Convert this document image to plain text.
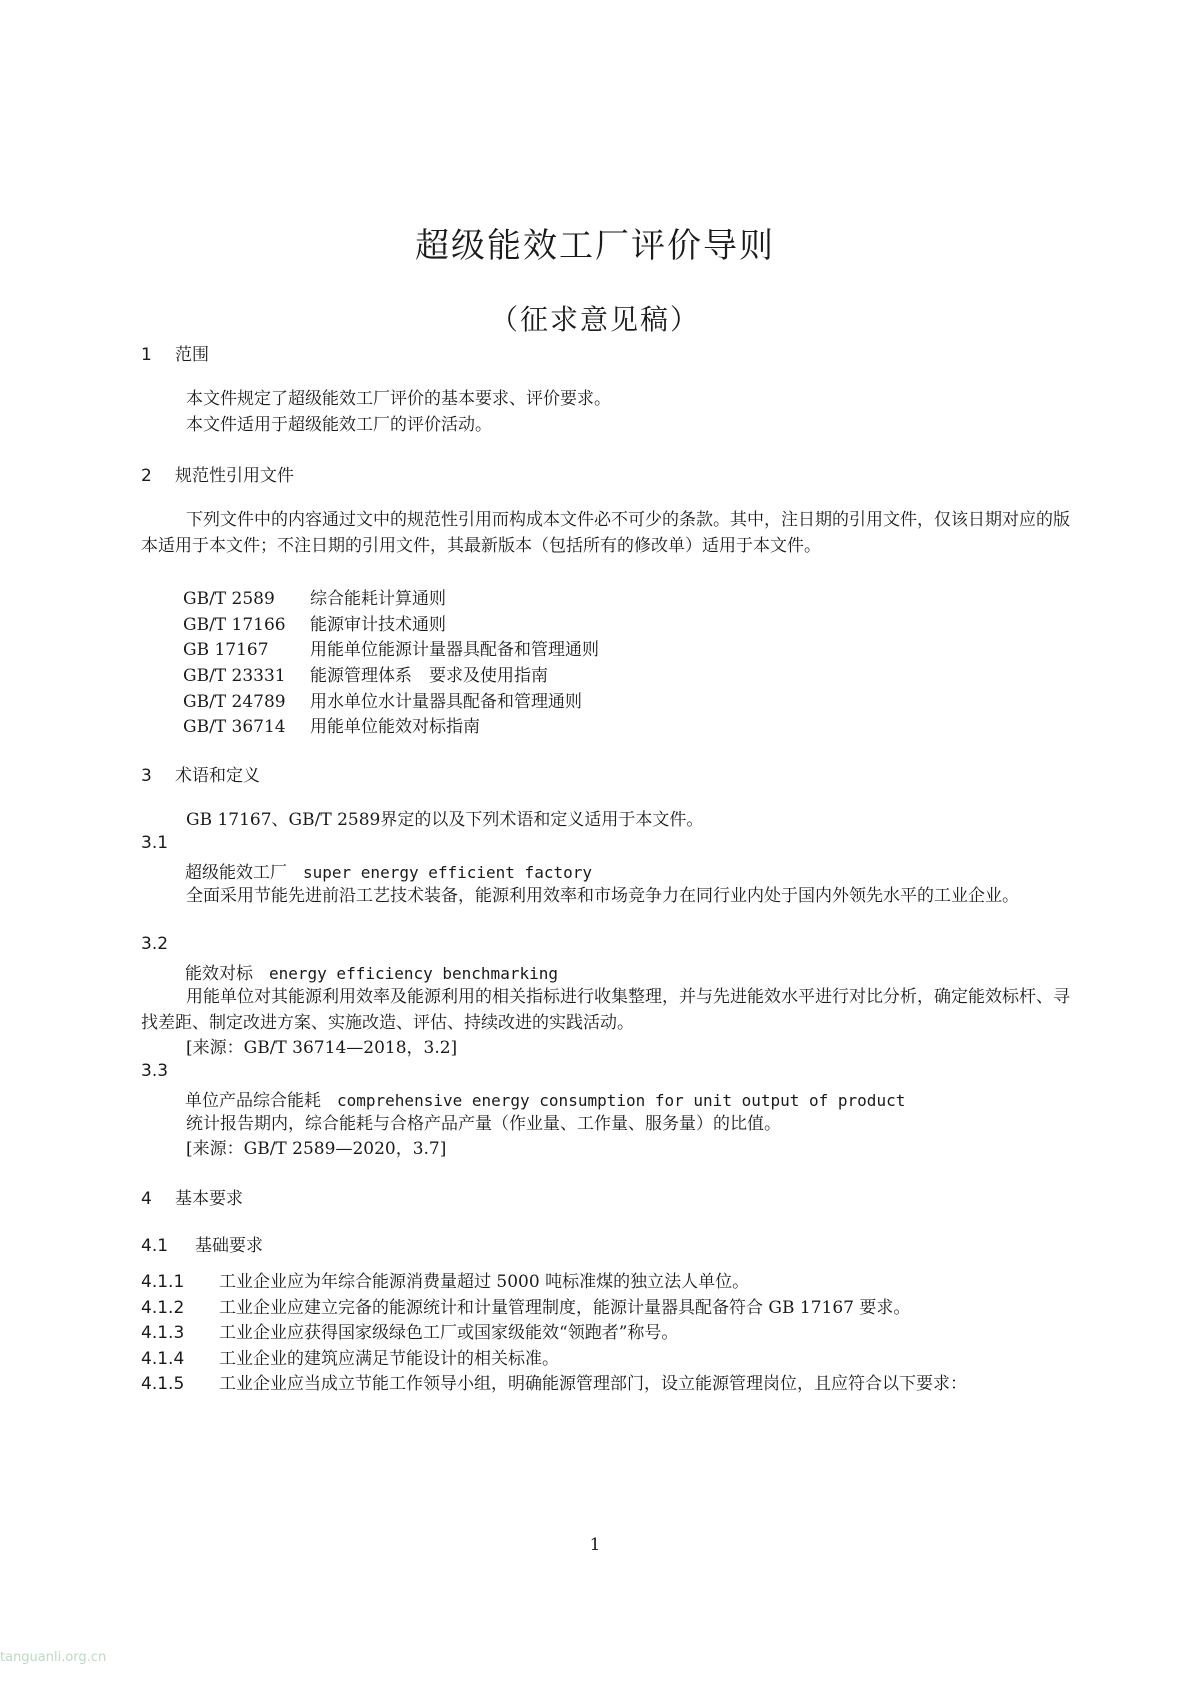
超级能效工厂评价导则
（征求意见稿）
1 范围
本文件规定了超级能效工厂评价的基本要求、评价要求。
本文件适用于超级能效工厂的评价活动。
2 规范性引用文件
下列文件中的内容通过文中的规范性引用而构成本文件必不可少的条款。其中，注日期的引用文件，仅该日期对应的版本适用于本文件；不注日期的引用文件，其最新版本（包括所有的修改单）适用于本文件。
GB/T 2589 综合能耗计算通则
GB/T 17166 能源审计技术通则
GB 17167 用能单位能源计量器具配备和管理通则
GB/T 23331 能源管理体系　要求及使用指南
GB/T 24789 用水单位水计量器具配备和管理通则
GB/T 36714 用能单位能效对标指南
3 术语和定义
GB 17167、GB/T 2589界定的以及下列术语和定义适用于本文件。
3.1
超级能效工厂 super energy efficient factory
全面采用节能先进前沿工艺技术装备，能源利用效率和市场竞争力在同行业内处于国内外领先水平的工业企业。
3.2
能效对标 energy efficiency benchmarking
用能单位对其能源利用效率及能源利用的相关指标进行收集整理，并与先进能效水平进行对比分析，确定能效标杆、寻找差距、制定改进方案、实施改造、评估、持续改进的实践活动。
[来源：GB/T 36714—2018，3.2]
3.3
单位产品综合能耗 comprehensive energy consumption for unit output of product
统计报告期内，综合能耗与合格产品产量（作业量、工作量、服务量）的比值。
[来源：GB/T 2589—2020，3.7]
4 基本要求
4.1 基础要求
4.1.1 工业企业应为年综合能源消费量超过 5000 吨标准煤的独立法人单位。
4.1.2 工业企业应建立完备的能源统计和计量管理制度，能源计量器具配备符合 GB 17167 要求。
4.1.3 工业企业应获得国家级绿色工厂或国家级能效“领跑者”称号。
4.1.4 工业企业的建筑应满足节能设计的相关标准。
4.1.5 工业企业应当成立节能工作领导小组，明确能源管理部门，设立能源管理岗位，且应符合以下要求：
1
tanguanli.org.cn
